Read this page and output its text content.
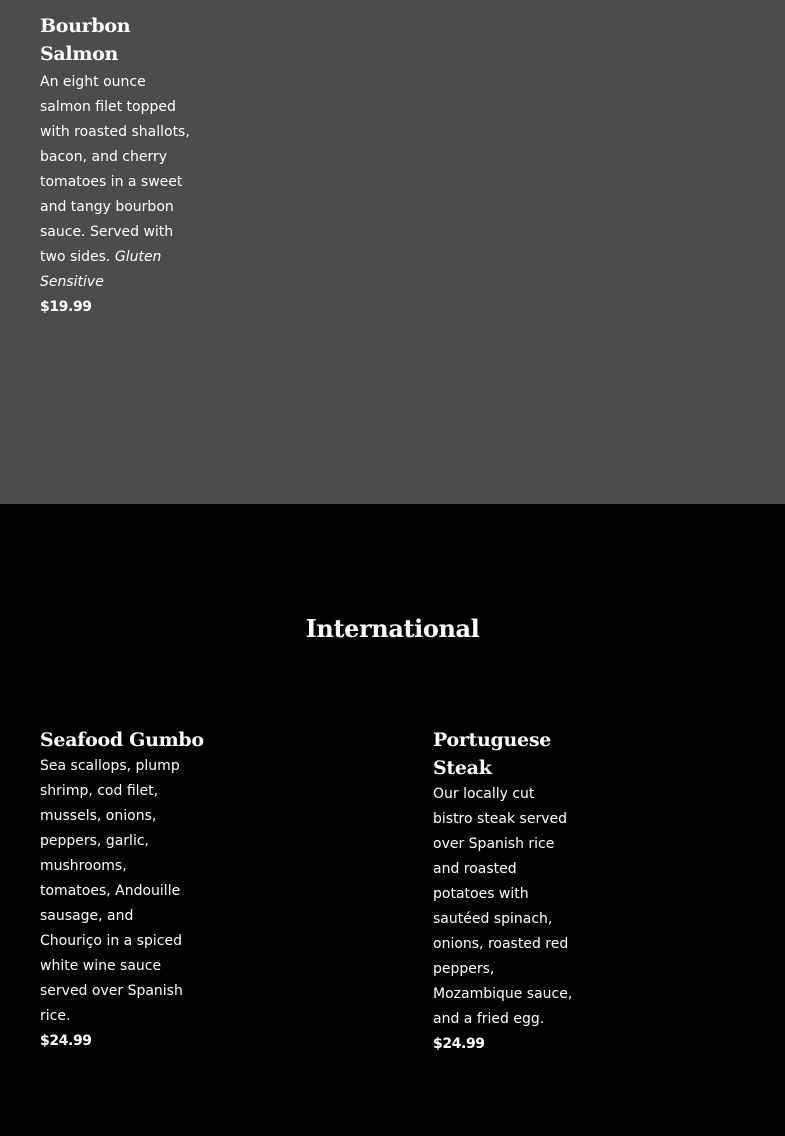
Bourbon Salmon

An eight ounce salmon filet topped with roasted shallots, bacon, and cherry tomatoes in a sweet and tangy bourbon sauce. Served with two sides. Gluten Sensitive

$19.99

International

Seafood Gumbo

Sea scallops, plump shrimp, cod filet, mussels, onions, peppers, garlic, mushrooms, tomatoes, Andouille sausage, and Chouriço in a spiced white wine sauce served over Spanish rice.

$24.99

Portuguese Steak

Our locally cut bistro steak served over Spanish rice and roasted potatoes with sautéed spinach, onions, roasted red peppers, Mozambique sauce, and a fried egg.

$24.99
